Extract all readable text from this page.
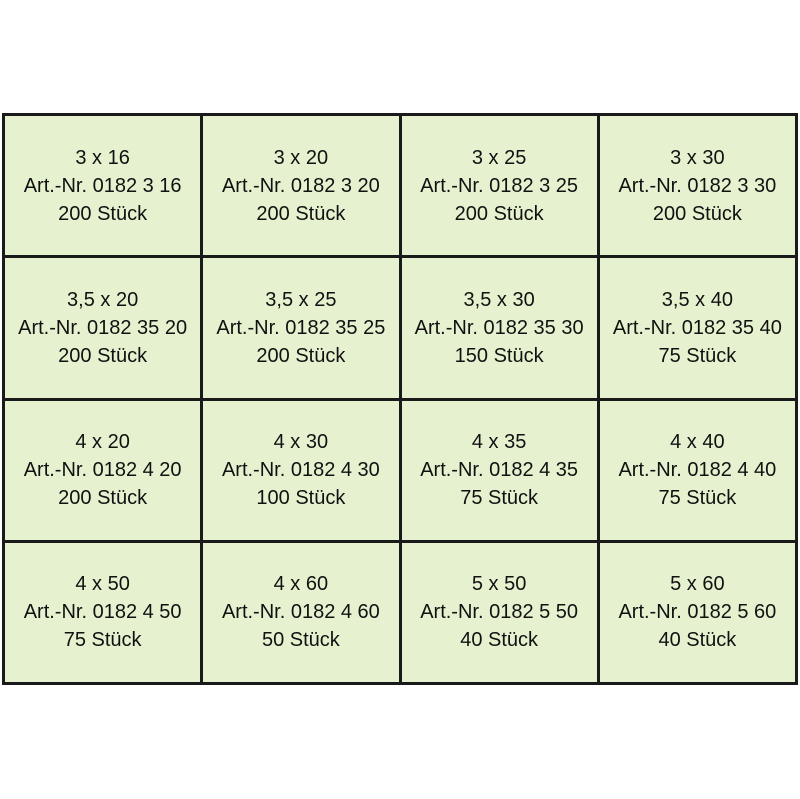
3 x 16
Art.-Nr. 0182 3 16
200 Stück
3 x 20
Art.-Nr. 0182 3 20
200 Stück
3 x 25
Art.-Nr. 0182 3 25
200 Stück
3 x 30
Art.-Nr. 0182 3 30
200 Stück
3,5 x 20
Art.-Nr. 0182 35 20
200 Stück
3,5 x 25
Art.-Nr. 0182 35 25
200 Stück
3,5 x 30
Art.-Nr. 0182 35 30
150 Stück
3,5 x 40
Art.-Nr. 0182 35 40
75 Stück
4 x 20
Art.-Nr. 0182 4 20
200 Stück
4 x 30
Art.-Nr. 0182 4 30
100 Stück
4 x 35
Art.-Nr. 0182 4 35
75 Stück
4 x 40
Art.-Nr. 0182 4 40
75 Stück
4 x 50
Art.-Nr. 0182 4 50
75 Stück
4 x 60
Art.-Nr. 0182 4 60
50 Stück
5 x 50
Art.-Nr. 0182 5 50
40 Stück
5 x 60
Art.-Nr. 0182 5 60
40 Stück
